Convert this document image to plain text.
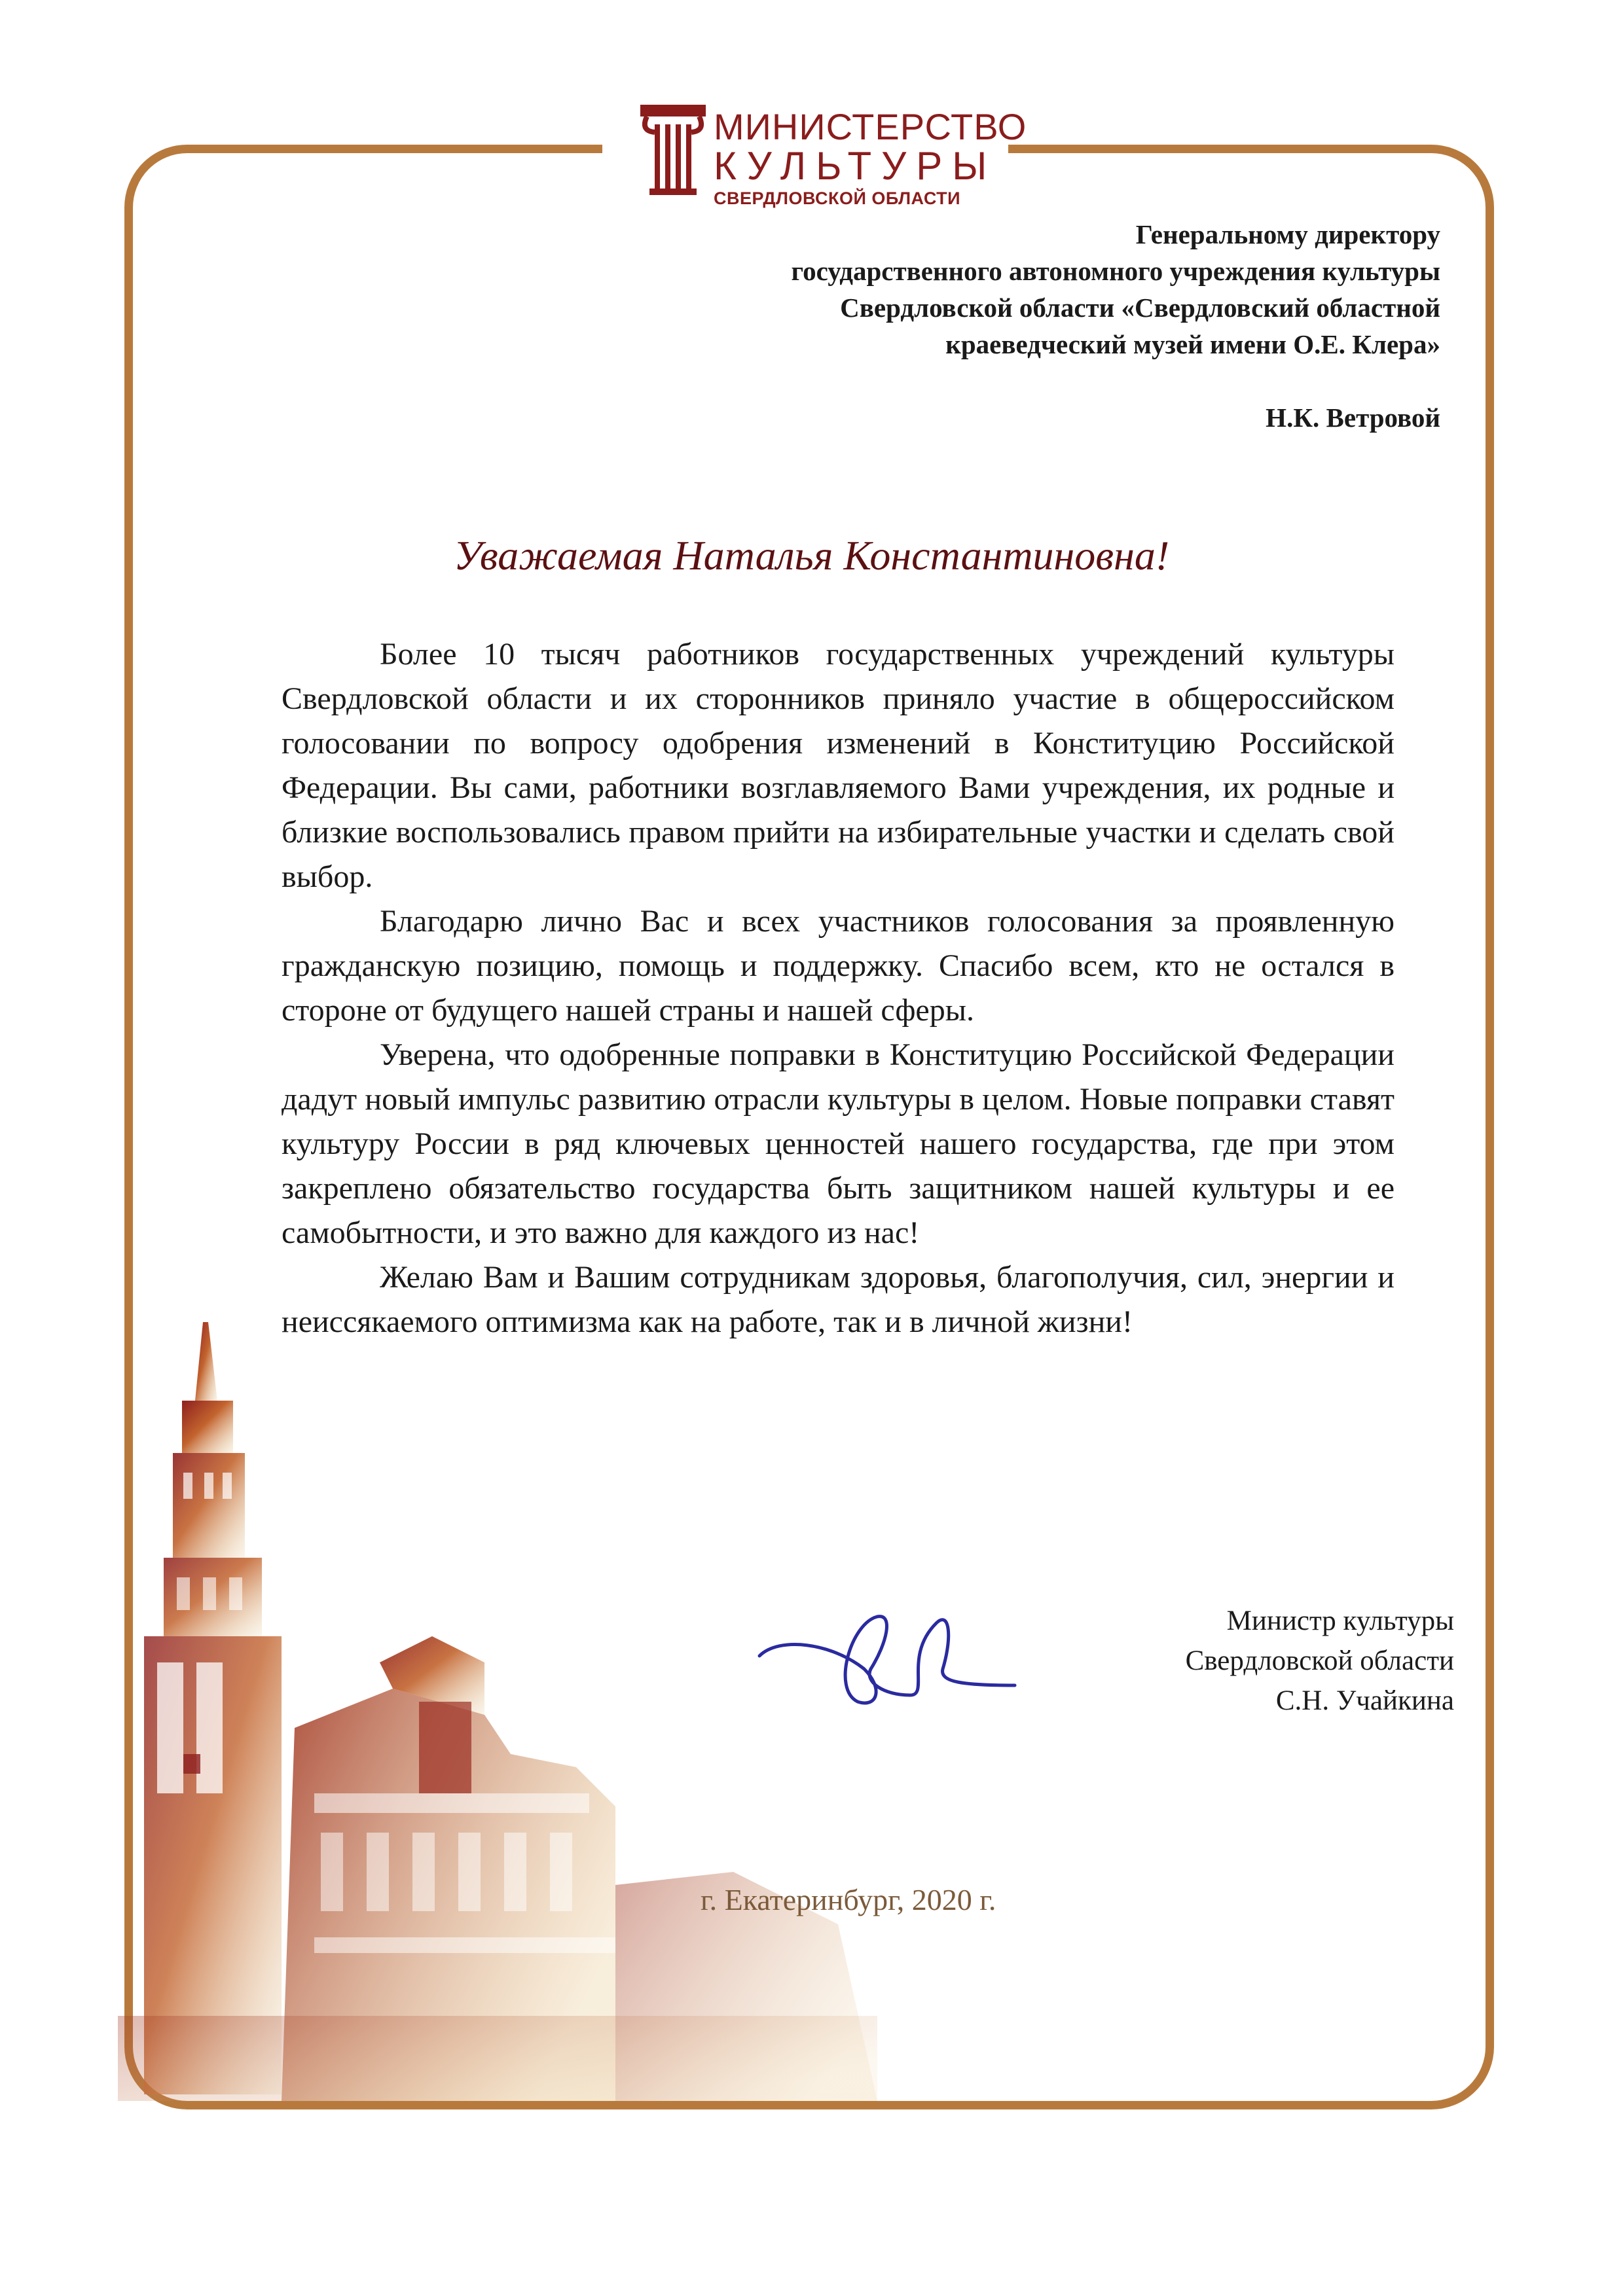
МИНИСТЕРСТВО
КУЛЬТУРЫ
СВЕРДЛОВСКОЙ ОБЛАСТИ
Генеральному директору
государственного автономного учреждения культуры
Свердловской области «Свердловский областной
краеведческий музей имени О.Е. Клера»
Н.К. Ветровой
Уважаемая Наталья Константиновна!

Более 10 тысяч работников государственных учреждений культуры Свердловской области и их сторонников приняло участие в общероссийском голосовании по вопросу одобрения изменений в Конституцию Российской Федерации. Вы сами, работники возглавляемого Вами учреждения, их родные и близкие воспользовались правом прийти на избирательные участки и сделать свой выбор.

Благодарю лично Вас и всех участников голосования за проявленную гражданскую позицию, помощь и поддержку. Спасибо всем, кто не остался в стороне от будущего нашей страны и нашей сферы.

Уверена, что одобренные поправки в Конституцию Российской Федерации дадут новый импульс развитию отрасли культуры в целом. Новые поправки ставят культуру России в ряд ключевых ценностей нашего государства, где при этом закреплено обязательство государства быть защитником нашей культуры и ее самобытности, и это важно для каждого из нас!

Желаю Вам и Вашим сотрудникам здоровья, благополучия, сил, энергии и неиссякаемого оптимизма как на работе, так и в личной жизни!

Министр культуры
Свердловской области
С.Н. Учайкина
г. Екатеринбург, 2020 г.
